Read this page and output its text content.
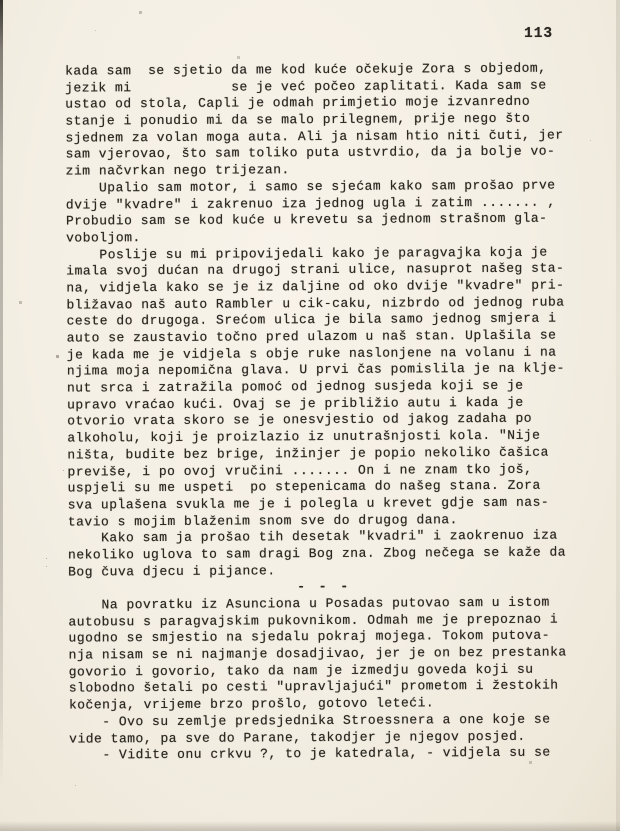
113
kada sam  se sjetio da me kod kuće očekuje Zora s objedom,
jezik mi            se je već počeo zaplitati. Kada sam se
ustao od stola, Capli je odmah primjetio moje izvanredno
stanje i ponudio mi da se malo prilegnem, prije nego što
sjednem za volan moga auta. Ali ja nisam htio niti čuti, jer
sam vjerovao, što sam toliko puta ustvrdio, da ja bolje vo-
zim načvrkan nego trijezan.
Upalio sam motor, i samo se sjećam kako sam prošao prve
dvije "kvadre" i zakrenuo iza jednog ugla i zatim ....... ,
Probudio sam se kod kuće u krevetu sa jednom strašnom gla-
voboljom.
Poslije su mi pripovijedali kako je paragvajka koja je
imala svoj dućan na drugoj strani ulice, nasuprot našeg sta-
na, vidjela kako se je iz daljine od oko dvije "kvadre" pri-
bližavao naš auto Rambler u cik-caku, nizbrdo od jednog ruba
ceste do drugoga. Srećom ulica je bila samo jednog smjera i
auto se zaustavio točno pred ulazom u naš stan. Uplašila se
je kada me je vidjela s obje ruke naslonjene na volanu i na
njima moja nepomična glava. U prvi čas pomislila je na klje-
nut srca i zatražila pomoć od jednog susjeda koji se je
upravo vraćao kući. Ovaj se je približio autu i kada je
otvorio vrata skoro se je onesvjestio od jakog zadaha po
alkoholu, koji je proizlazio iz unutrašnjosti kola. "Nije
ništa, budite bez brige, inžinjer je popio nekoliko čašica
previše, i po ovoj vručini ....... On i ne znam tko još,
uspjeli su me uspeti  po stepenicama do našeg stana. Zora
sva uplašena svukla me je i polegla u krevet gdje sam nas-
tavio s mojim blaženim snom sve do drugog dana.
Kako sam ja prošao tih desetak "kvadri" i zaokrenuo iza
nekoliko uglova to sam dragi Bog zna. Zbog nečega se kaže da
Bog čuva djecu i pijance.
- - -
Na povratku iz Asunciona u Posadas putovao sam u istom
autobusu s paragvajskim pukovnikom. Odmah me je prepoznao i
ugodno se smjestio na sjedalu pokraj mojega. Tokom putova-
nja nisam se ni najmanje dosadjivao, jer je on bez prestanka
govorio i govorio, tako da nam je izmedju goveda koji su
slobodno šetali po cesti "upravljajući" prometom i žestokih
kočenja, vrijeme brzo prošlo, gotovo leteći.
- Ovo su zemlje predsjednika Stroessnera a one koje se
vide tamo, pa sve do Parane, takodjer je njegov posjed.
- Vidite onu crkvu ?, to je katedrala, - vidjela su se
